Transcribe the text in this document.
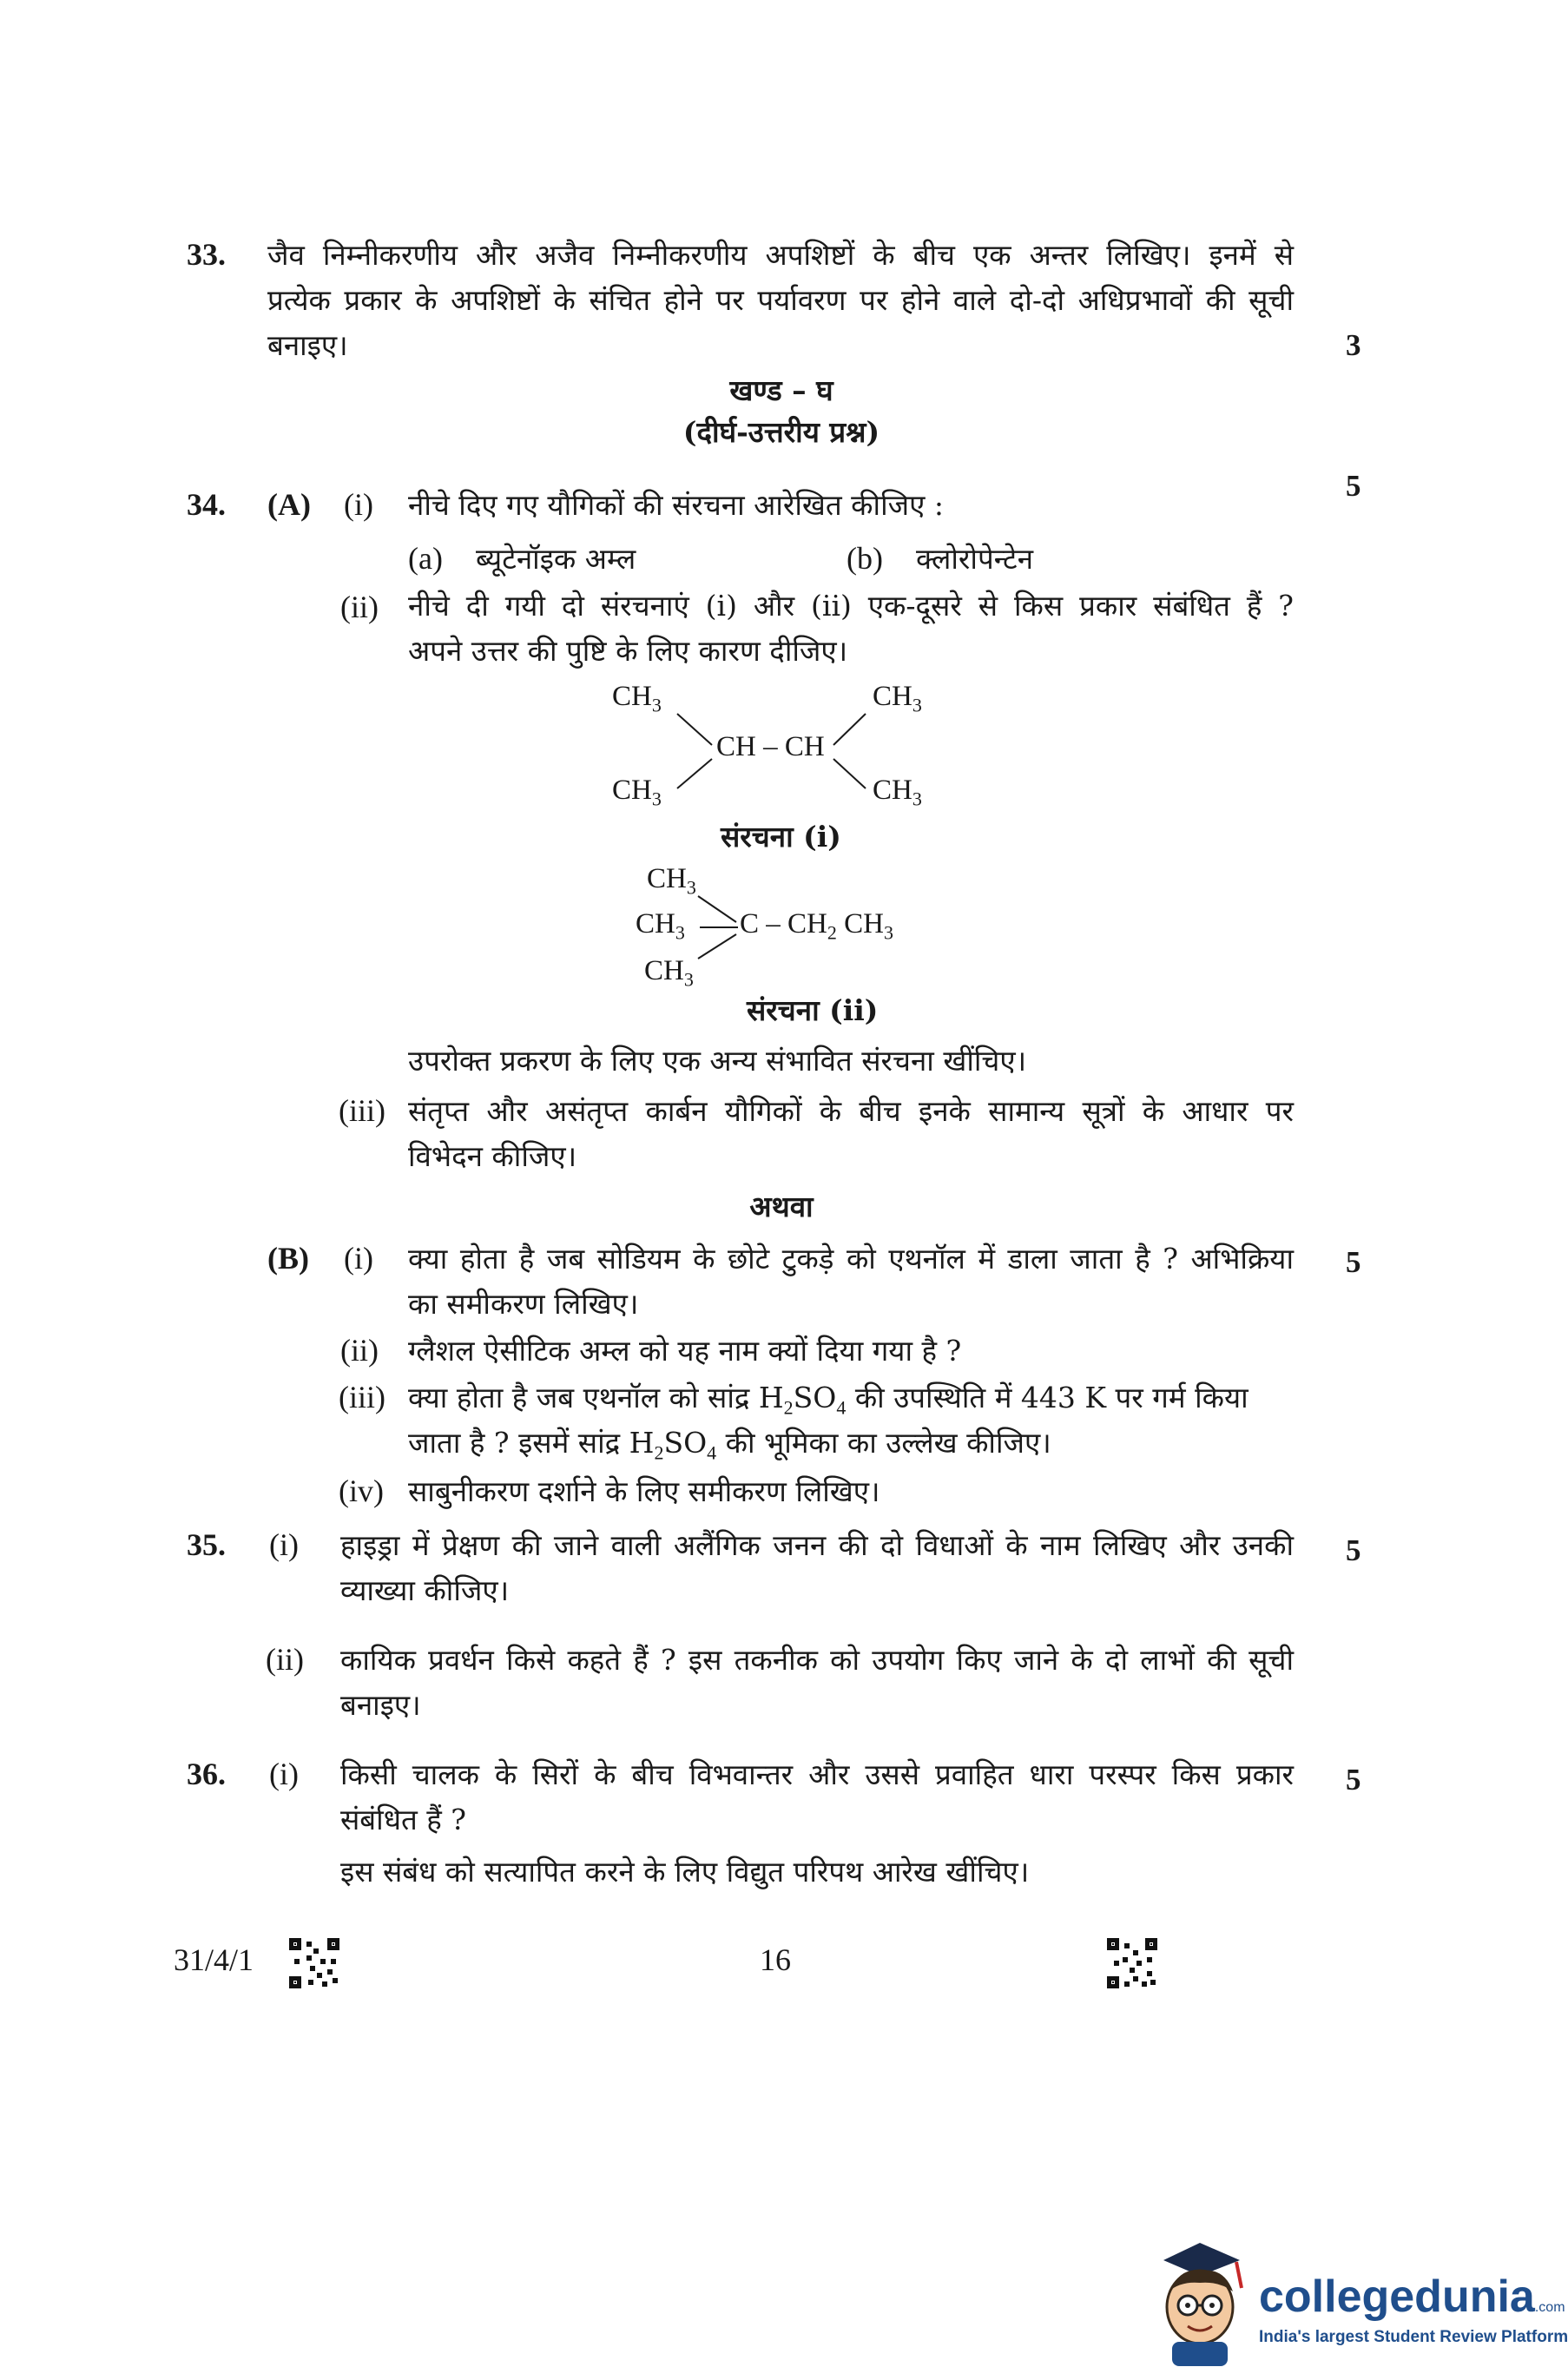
33. जैव निम्नीकरणीय और अजैव निम्नीकरणीय अपशिष्टों के बीच एक अन्तर लिखिए। इनमें से
प्रत्येक प्रकार के अपशिष्टों के संचित होने पर पर्यावरण पर होने वाले दो-दो अधिप्रभावों की सूची
बनाइए।	3
खण्ड – घ
(दीर्घ-उत्तरीय प्रश्न)
34. (A) (i) नीचे दिए गए यौगिकों की संरचना आरेखित कीजिए :
5
(a) ब्यूटेनॉइक अम्ल	(b) क्लोरोपेन्टेन
(ii) नीचे दी गयी दो संरचनाएं (i) और (ii) एक-दूसरे से किस प्रकार संबंधित हैं ?
अपने उत्तर की पुष्टि के लिए कारण दीजिए।
$CH_3$	$CH_3$
CH – CH
$CH_3$	$CH_3$
संरचना (i)
$CH_3$
$CH_3$
$CH_3$
C – $CH_2$ $CH_3$
संरचना (ii)
उपरोक्त प्रकरण के लिए एक अन्य संभावित संरचना खींचिए।
(iii) संतृप्त और असंतृप्त कार्बन यौगिकों के बीच इनके सामान्य सूत्रों के आधार पर
विभेदन कीजिए।
अथवा
(B) (i) क्या होता है जब सोडियम के छोटे टुकड़े को एथनॉल में डाला जाता है ? अभिक्रिया
का समीकरण लिखिए।
5
(ii) ग्लैशल ऐसीटिक अम्ल को यह नाम क्यों दिया गया है ?
(iii) क्या होता है जब एथनॉल को सांद्र $H_2SO_4$ की उपस्थिति में 443 K पर गर्म किया
जाता है ? इसमें सांद्र $H_2SO_4$ की भूमिका का उल्लेख कीजिए।
(iv) साबुनीकरण दर्शाने के लिए समीकरण लिखिए।
35. (i) हाइड्रा में प्रेक्षण की जाने वाली अलैंगिक जनन की दो विधाओं के नाम लिखिए और उनकी
व्याख्या कीजिए।
5
(ii) कायिक प्रवर्धन किसे कहते हैं ? इस तकनीक को उपयोग किए जाने के दो लाभों की सूची
बनाइए।
36. (i) किसी चालक के सिरों के बीच विभवान्तर और उससे प्रवाहित धारा परस्पर किस प्रकार
संबंधित हैं ?
इस संबंध को सत्यापित करने के लिए विद्युत परिपथ आरेख खींचिए।
5
31/4/1	16
collegedunia.com
India's largest Student Review Platform
